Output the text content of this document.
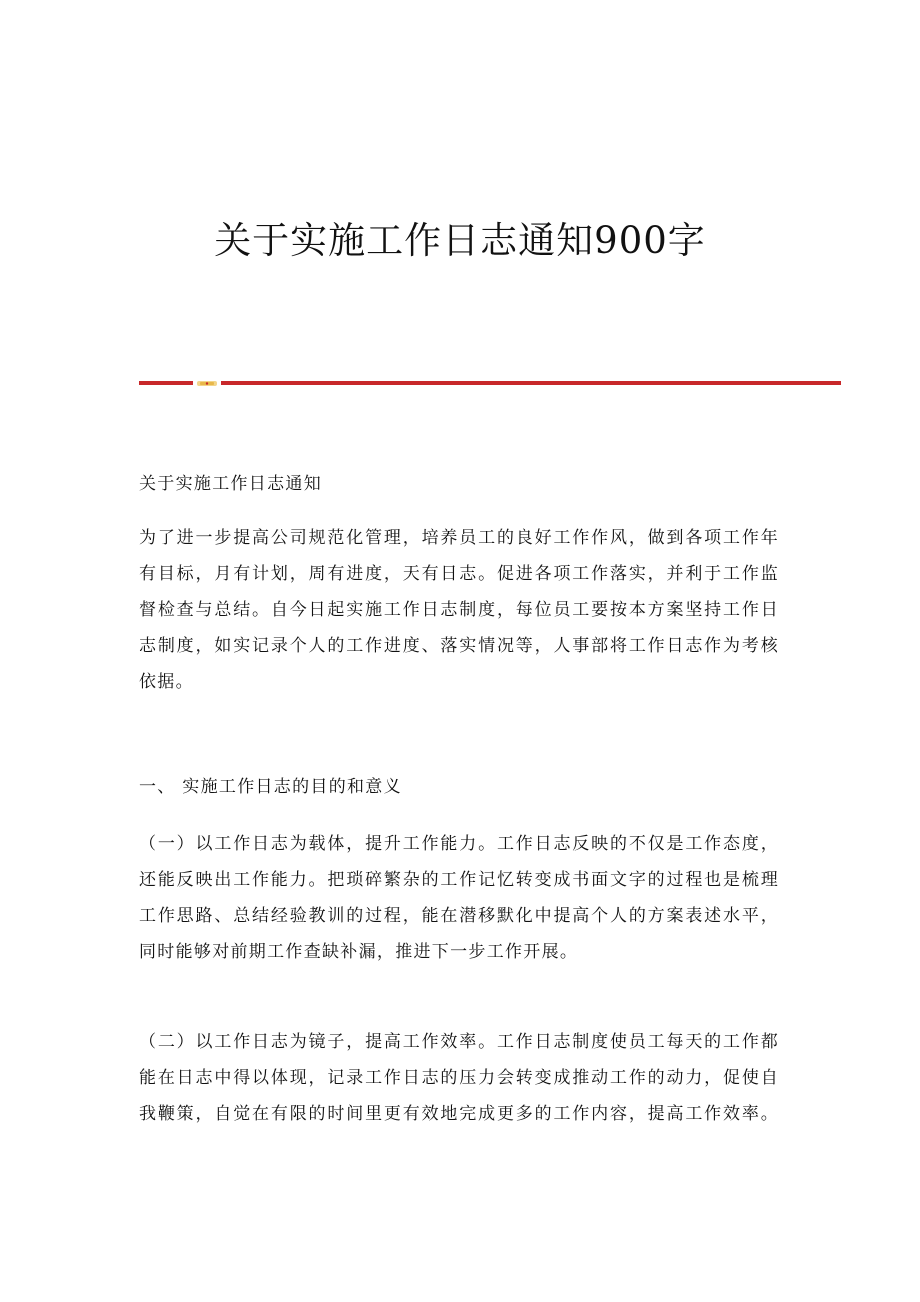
关于实施工作日志通知900字

关于实施工作日志通知

为了进一步提高公司规范化管理，培养员工的良好工作作风，做到各项工作年
有目标，月有计划，周有进度，天有日志。促进各项工作落实，并利于工作监
督检查与总结。自今日起实施工作日志制度，每位员工要按本方案坚持工作日
志制度，如实记录个人的工作进度、落实情况等，人事部将工作日志作为考核
依据。

一、 实施工作日志的目的和意义

（一）以工作日志为载体，提升工作能力。工作日志反映的不仅是工作态度，
还能反映出工作能力。把琐碎繁杂的工作记忆转变成书面文字的过程也是梳理
工作思路、总结经验教训的过程，能在潜移默化中提高个人的方案表述水平，
同时能够对前期工作查缺补漏，推进下一步工作开展。

（二）以工作日志为镜子，提高工作效率。工作日志制度使员工每天的工作都
能在日志中得以体现，记录工作日志的压力会转变成推动工作的动力，促使自
我鞭策，自觉在有限的时间里更有效地完成更多的工作内容，提高工作效率。
